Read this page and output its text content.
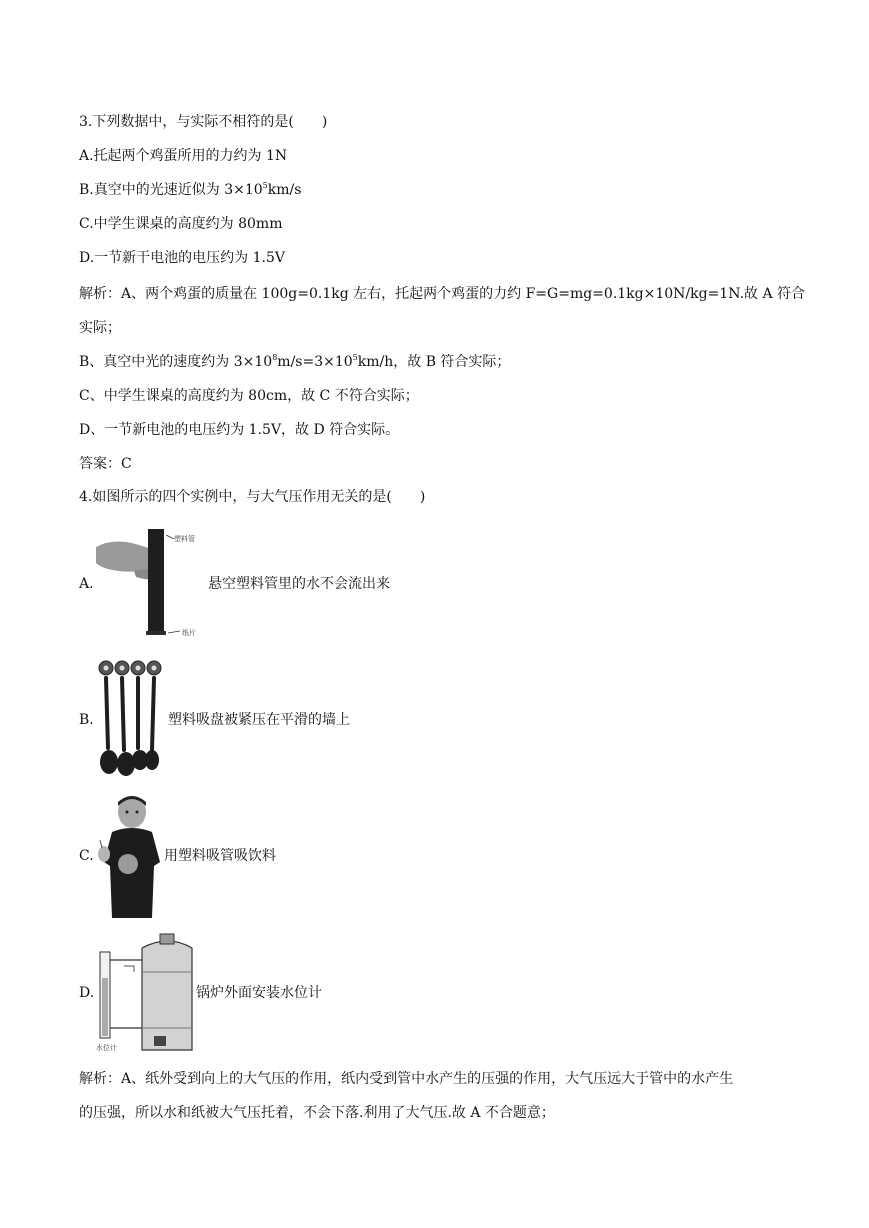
3.下列数据中，与实际不相符的是(　　)
A.托起两个鸡蛋所用的力约为 1N
B.真空中的光速近似为 $3\times 10^5km/s$
C.中学生课桌的高度约为 80mm
D.一节新干电池的电压约为 1.5V
解析：A、两个鸡蛋的质量在 100g=0.1kg 左右，托起两个鸡蛋的力约 F=G=mg=0.1kg×10N/kg=1N.故 A 符合
实际；
B、真空中光的速度约为 $3\times 10^8m/s=3\times 10^5km/h$，故 B 符合实际；
C、中学生课桌的高度约为 80cm，故 C 不符合实际；
D、一节新电池的电压约为 1.5V，故 D 符合实际。
答案：C
4.如图所示的四个实例中，与大气压作用无关的是(　　)
A.
塑料管
纸片
悬空塑料管里的水不会流出来
B.	塑料吸盘被紧压在平滑的墙上
C.	用塑料吸管吸饮料
D.
水位计
锅炉外面安装水位计
解析：A、纸外受到向上的大气压的作用，纸内受到管中水产生的压强的作用，大气压远大于管中的水产生
的压强，所以水和纸被大气压托着，不会下落.利用了大气压.故 A 不合题意；
